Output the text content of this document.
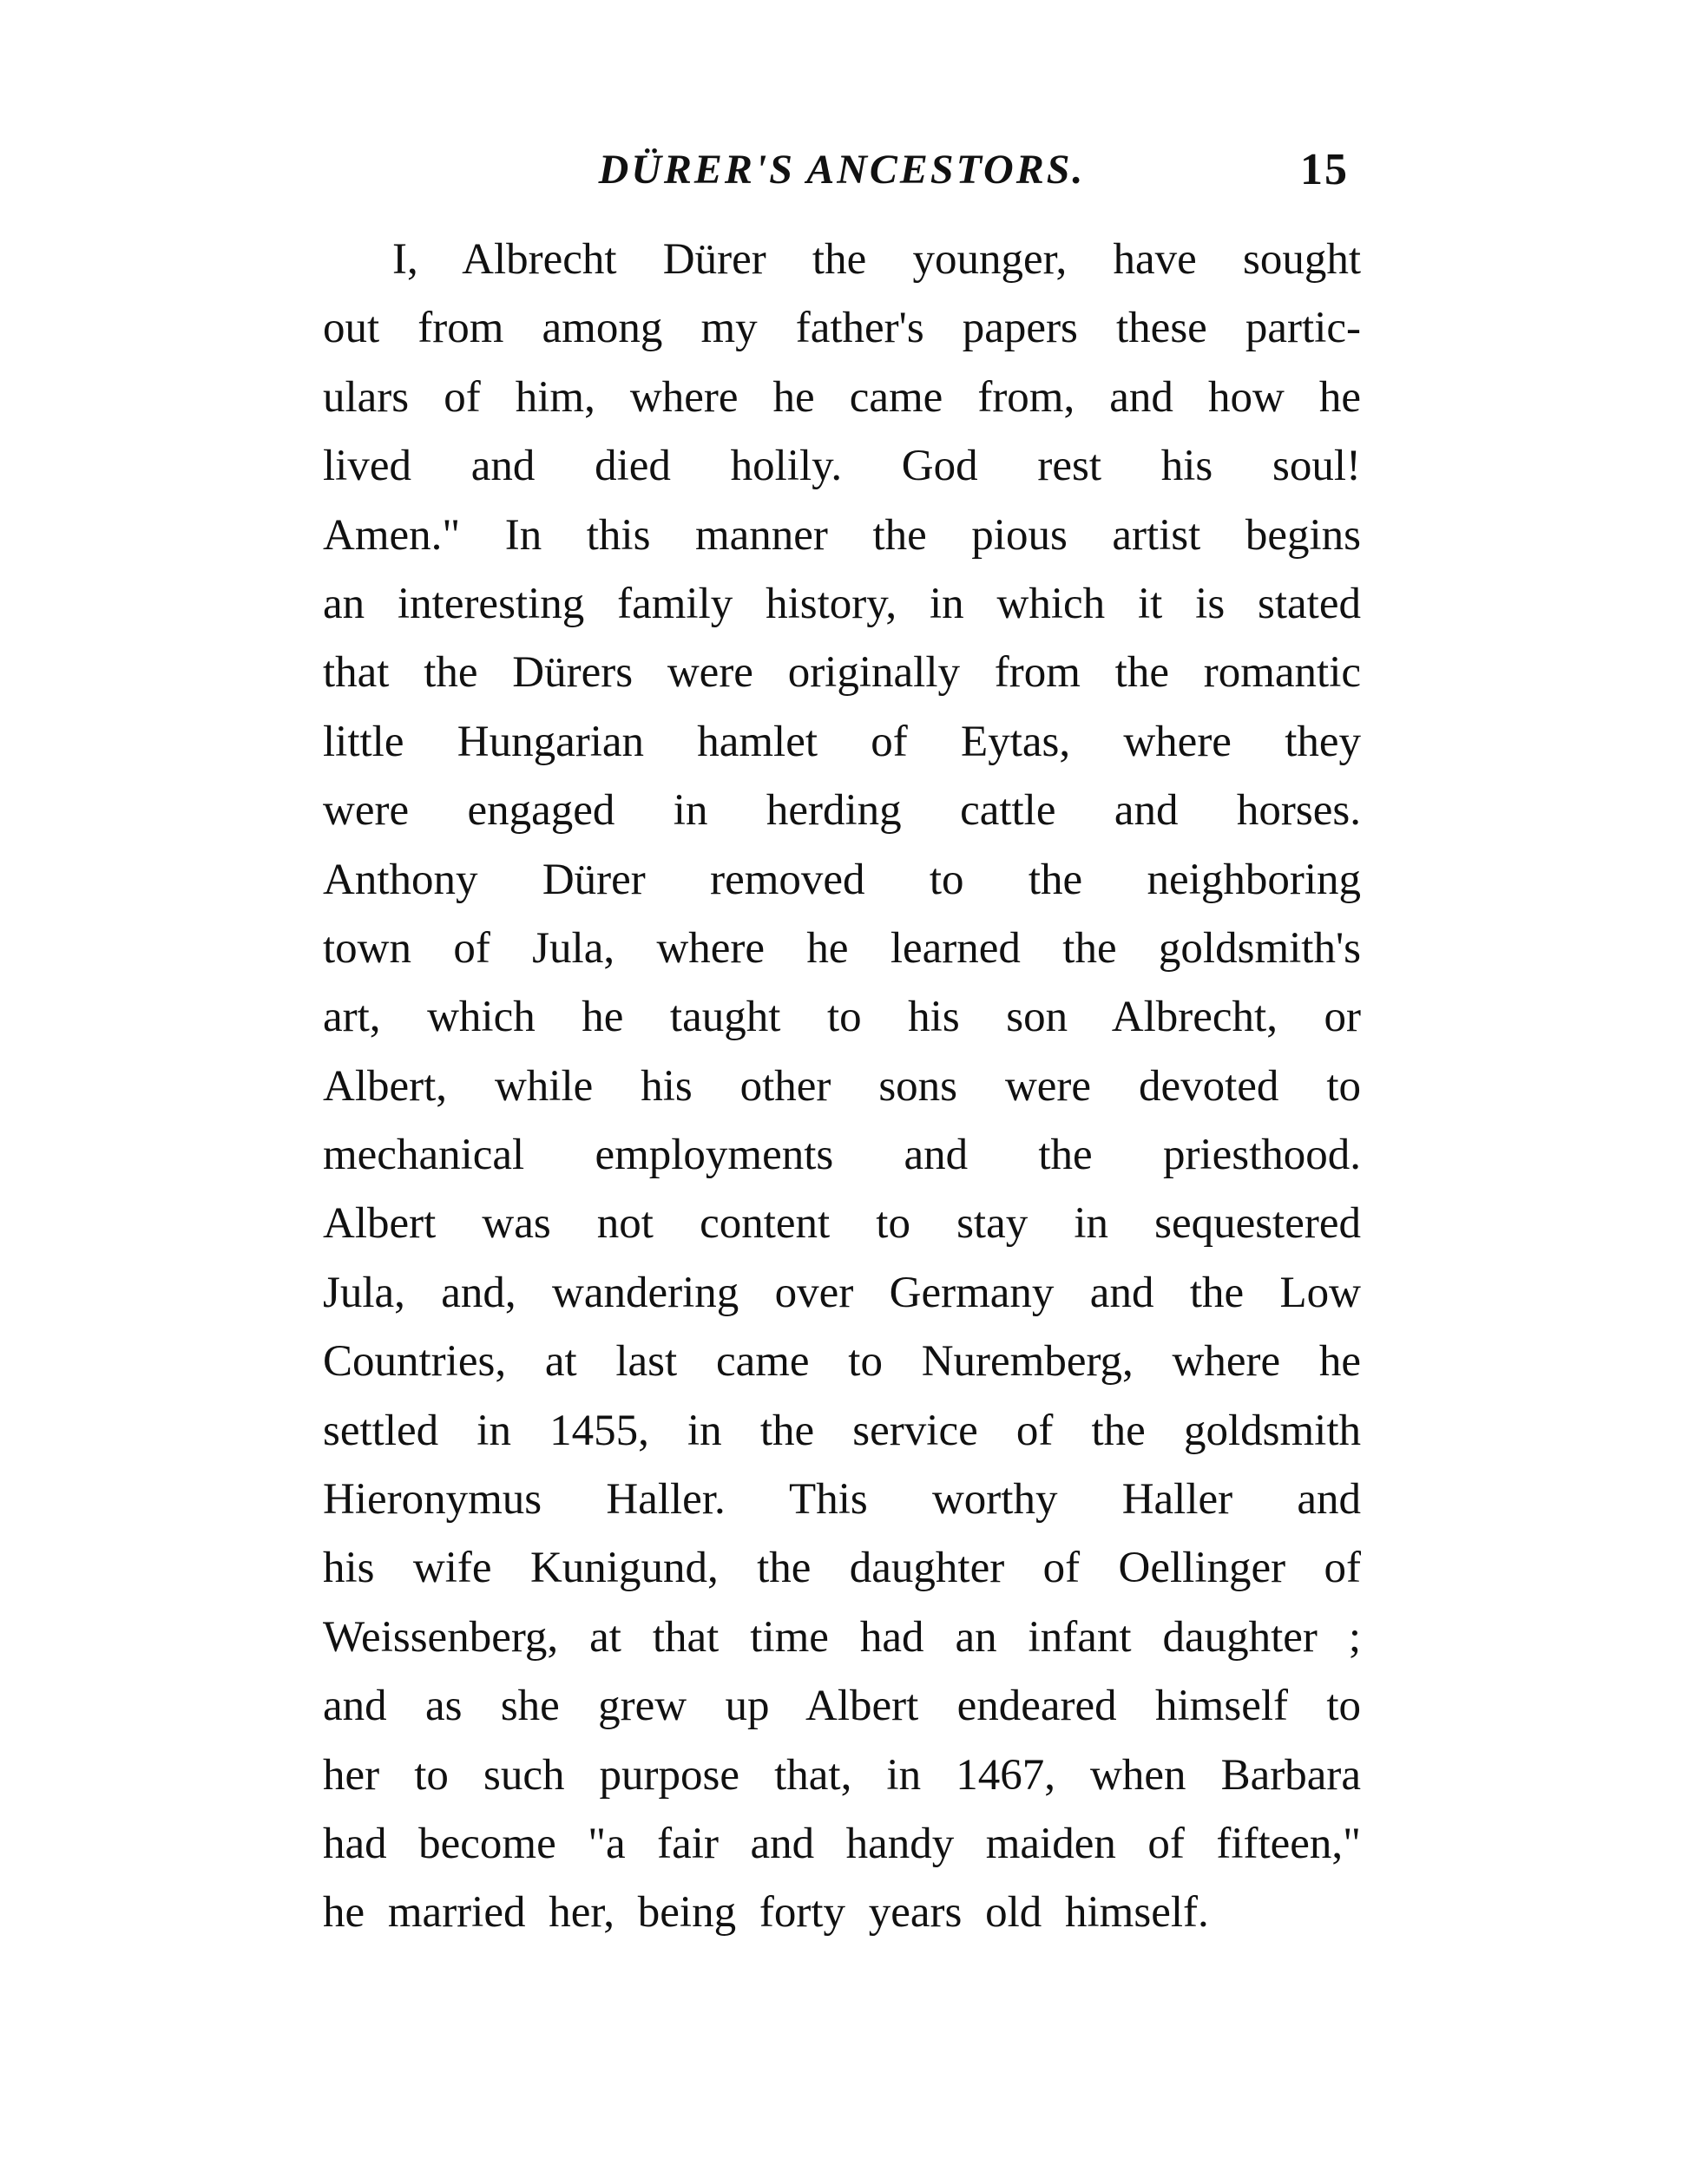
DÜRER'S ANCESTORS.	15
I, Albrecht Dürer the younger, have sought
out from among my father's papers these partic-
ulars of him, where he came from, and how he
lived and died holily. God rest his soul!
Amen." In this manner the pious artist begins
an interesting family history, in which it is stated
that the Dürers were originally from the romantic
little Hungarian hamlet of Eytas, where they
were engaged in herding cattle and horses.
Anthony Dürer removed to the neighboring
town of Jula, where he learned the goldsmith's
art, which he taught to his son Albrecht, or
Albert, while his other sons were devoted to
mechanical employments and the priesthood.
Albert was not content to stay in sequestered
Jula, and, wandering over Germany and the Low
Countries, at last came to Nuremberg, where he
settled in 1455, in the service of the goldsmith
Hieronymus Haller. This worthy Haller and
his wife Kunigund, the daughter of Oellinger of
Weissenberg, at that time had an infant daughter ;
and as she grew up Albert endeared himself to
her to such purpose that, in 1467, when Barbara
had become "a fair and handy maiden of fifteen,"
he married her, being forty years old himself.
